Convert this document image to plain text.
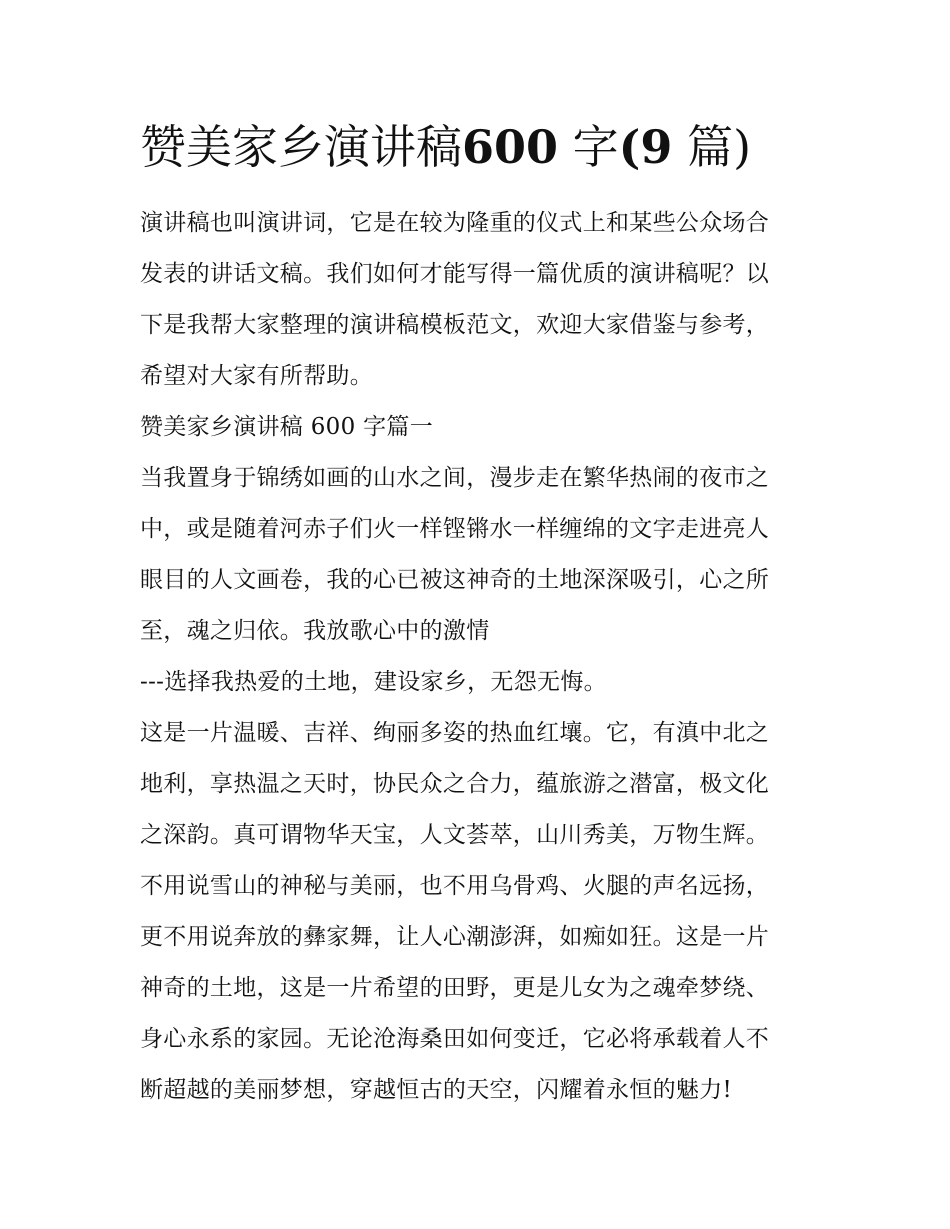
赞美家乡演讲稿600 字(9 篇)
演讲稿也叫演讲词，它是在较为隆重的仪式上和某些公众场合
发表的讲话文稿。我们如何才能写得一篇优质的演讲稿呢？以
下是我帮大家整理的演讲稿模板范文，欢迎大家借鉴与参考，
希望对大家有所帮助。
赞美家乡演讲稿 600 字篇一
当我置身于锦绣如画的山水之间，漫步走在繁华热闹的夜市之
中，或是随着河赤子们火一样铿锵水一样缠绵的文字走进亮人
眼目的人文画卷，我的心已被这神奇的土地深深吸引，心之所
至，魂之归依。我放歌心中的激情
---选择我热爱的土地，建设家乡，无怨无悔。
这是一片温暖、吉祥、绚丽多姿的热血红壤。它，有滇中北之
地利，享热温之天时，协民众之合力，蕴旅游之潜富，极文化
之深韵。真可谓物华天宝，人文荟萃，山川秀美，万物生辉。
不用说雪山的神秘与美丽，也不用乌骨鸡、火腿的声名远扬，
更不用说奔放的彝家舞，让人心潮澎湃，如痴如狂。这是一片
神奇的土地，这是一片希望的田野，更是儿女为之魂牵梦绕、
身心永系的家园。无论沧海桑田如何变迁，它必将承载着人不
断超越的美丽梦想，穿越恒古的天空，闪耀着永恒的魅力!
